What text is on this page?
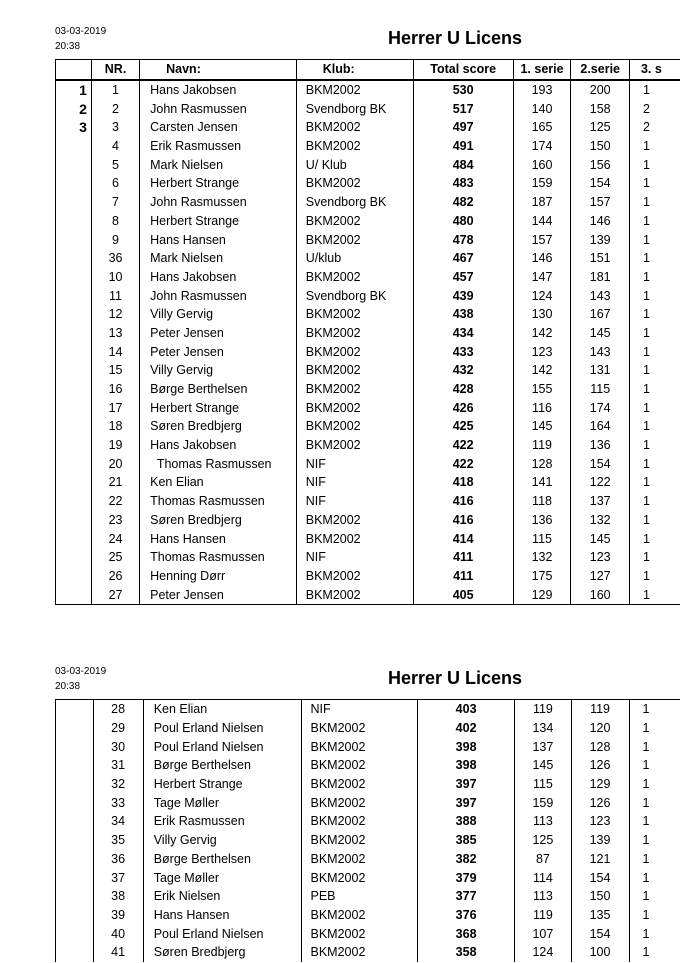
03-03-2019
20:38	Herrer U Licens
	NR.	Navn:	Klub:	Total score	1. serie	2.serie	3. s
1	1	Hans Jakobsen	BKM2002	530	193	200	1
2	2	John Rasmussen	Svendborg BK	517	140	158	2
3	3	Carsten Jensen	BKM2002	497	165	125	2
	4	Erik Rasmussen	BKM2002	491	174	150	1
	5	Mark Nielsen	U/ Klub	484	160	156	1
	6	Herbert Strange	BKM2002	483	159	154	1
	7	John Rasmussen	Svendborg BK	482	187	157	1
	8	Herbert Strange	BKM2002	480	144	146	1
	9	Hans Hansen	BKM2002	478	157	139	1
	36	Mark Nielsen	U/klub	467	146	151	1
	10	Hans Jakobsen	BKM2002	457	147	181	1
	11	John Rasmussen	Svendborg BK	439	124	143	1
	12	Villy Gervig	BKM2002	438	130	167	1
	13	Peter Jensen	BKM2002	434	142	145	1
	14	Peter Jensen	BKM2002	433	123	143	1
	15	Villy Gervig	BKM2002	432	142	131	1
	16	Børge Berthelsen	BKM2002	428	155	115	1
	17	Herbert Strange	BKM2002	426	116	174	1
	18	Søren Bredbjerg	BKM2002	425	145	164	1
	19	Hans Jakobsen	BKM2002	422	119	136	1
	20	Thomas Rasmussen	NIF	422	128	154	1
	21	Ken Elian	NIF	418	141	122	1
	22	Thomas Rasmussen	NIF	416	118	137	1
	23	Søren Bredbjerg	BKM2002	416	136	132	1
	24	Hans Hansen	BKM2002	414	115	145	1
	25	Thomas Rasmussen	NIF	411	132	123	1
	26	Henning Dørr	BKM2002	411	175	127	1
	27	Peter Jensen	BKM2002	405	129	160	1
03-03-2019
20:38	Herrer U Licens
	28	Ken Elian	NIF	403	119	119	1
	29	Poul Erland Nielsen	BKM2002	402	134	120	1
	30	Poul Erland Nielsen	BKM2002	398	137	128	1
	31	Børge Berthelsen	BKM2002	398	145	126	1
	32	Herbert Strange	BKM2002	397	115	129	1
	33	Tage Møller	BKM2002	397	159	126	1
	34	Erik Rasmussen	BKM2002	388	113	123	1
	35	Villy Gervig	BKM2002	385	125	139	1
	36	Børge Berthelsen	BKM2002	382	87	121	1
	37	Tage Møller	BKM2002	379	114	154	1
	38	Erik Nielsen	PEB	377	113	150	1
	39	Hans Hansen	BKM2002	376	119	135	1
	40	Poul Erland Nielsen	BKM2002	368	107	154	1
	41	Søren Bredbjerg	BKM2002	358	124	100	1
